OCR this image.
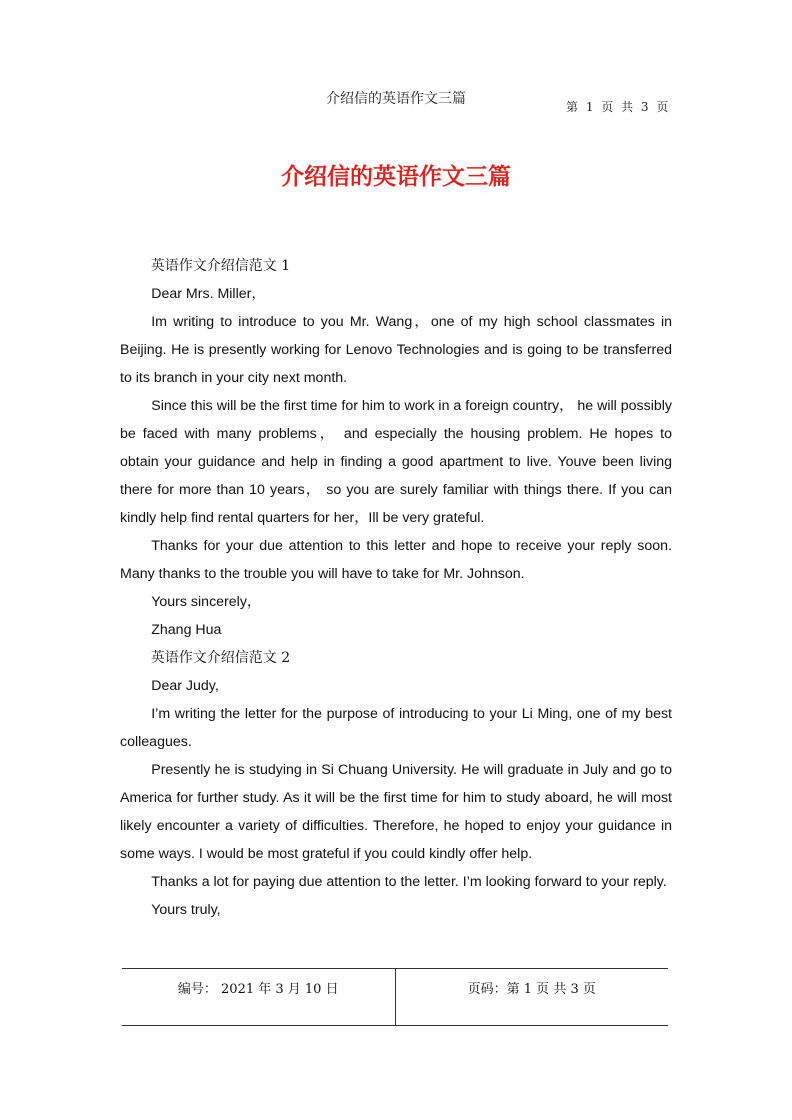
介绍信的英语作文三篇	第 1 页 共 3 页
介绍信的英语作文三篇

英语作文介绍信范文 1

Dear Mrs. Miller，

Im writing to introduce to you Mr. Wang，one of my high school classmates in Beijing. He is presently working for Lenovo Technologies and is going to be transferred to its branch in your city next month.

Since this will be the first time for him to work in a foreign country， he will possibly be faced with many problems， and especially the housing problem. He hopes to obtain your guidance and help in finding a good apartment to live. Youve been living there for more than 10 years， so you are surely familiar with things there. If you can kindly help find rental quarters for her，Ill be very grateful.

Thanks for your due attention to this letter and hope to receive your reply soon. Many thanks to the trouble you will have to take for Mr. Johnson.

Yours sincerely，

Zhang Hua

英语作文介绍信范文 2

Dear Judy,

I’m writing the letter for the purpose of introducing to your Li Ming, one of my best colleagues.

Presently he is studying in Si Chuang University. He will graduate in July and go to America for further study. As it will be the first time for him to study aboard, he will most likely encounter a variety of difficulties. Therefore, he hoped to enjoy your guidance in some ways. I would be most grateful if you could kindly offer help.

Thanks a lot for paying due attention to the letter. I’m looking forward to your reply.

Yours truly,

编号： 2021 年 3 月 10 日	页码：第 1 页 共 3 页
